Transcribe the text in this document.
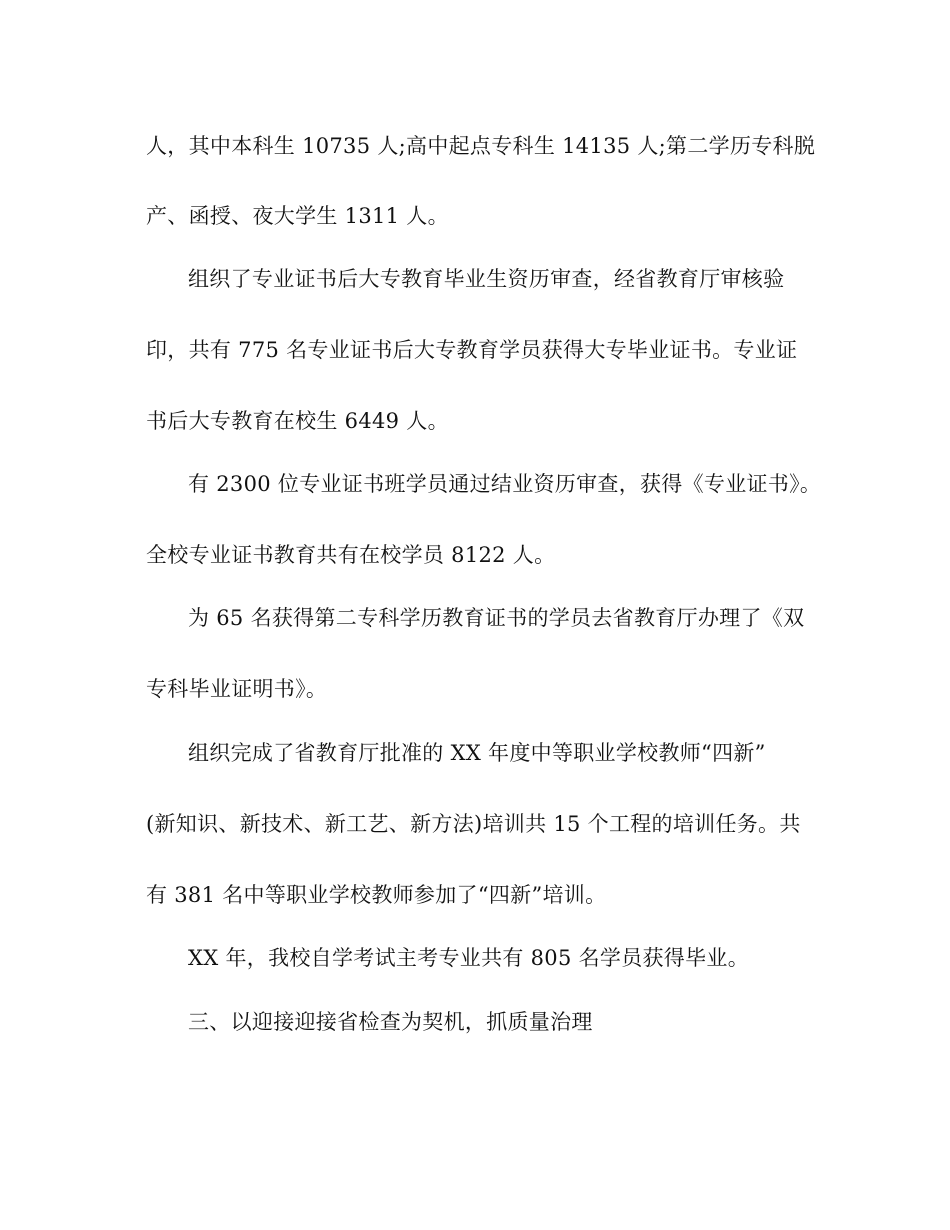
人，其中本科生 10735 人;高中起点专科生 14135 人;第二学历专科脱
产、函授、夜大学生 1311 人。
组织了专业证书后大专教育毕业生资历审查，经省教育厅审核验
印，共有 775 名专业证书后大专教育学员获得大专毕业证书。专业证
书后大专教育在校生 6449 人。
有 2300 位专业证书班学员通过结业资历审查，获得《专业证书》。
全校专业证书教育共有在校学员 8122 人。
为 65 名获得第二专科学历教育证书的学员去省教育厅办理了《双
专科毕业证明书》。
组织完成了省教育厅批准的 XX 年度中等职业学校教师“四新”
(新知识、新技术、新工艺、新方法)培训共 15 个工程的培训任务。共
有 381 名中等职业学校教师参加了“四新”培训。
XX 年，我校自学考试主考专业共有 805 名学员获得毕业。
三、以迎接迎接省检查为契机，抓质量治理
